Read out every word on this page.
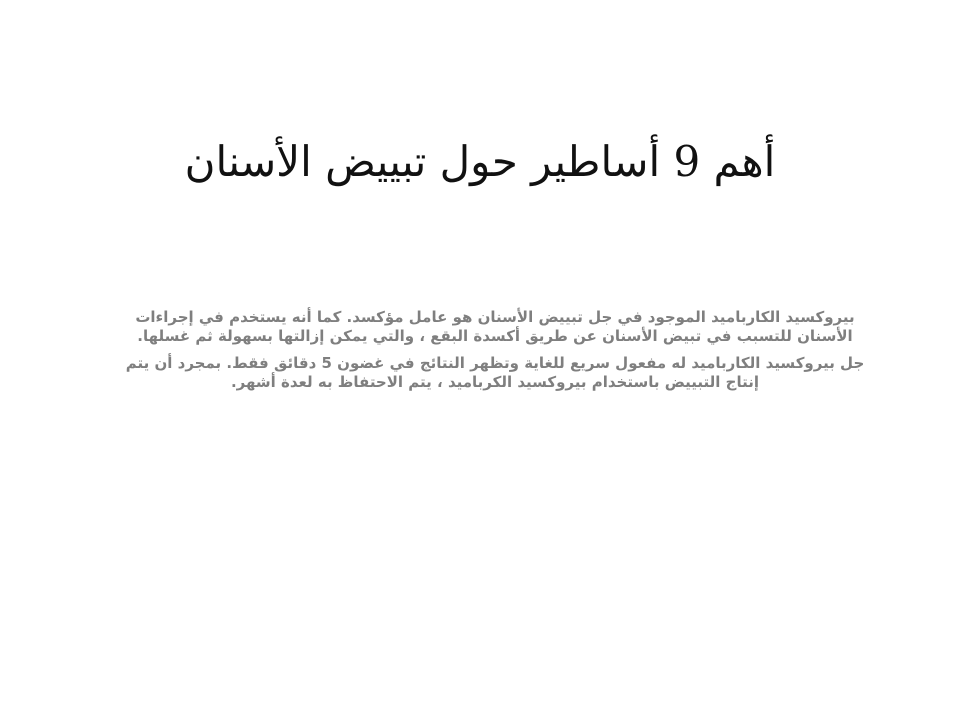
أهم 9 أساطير حول تبييض الأسنان

بيروكسيد الكارباميد الموجود في جل تبييض الأسنان هو عامل مؤكسد. كما أنه يستخدم في إجراءات الأسنان للتسبب في تبيض الأسنان عن طريق أكسدة البقع ، والتي يمكن إزالتها بسهولة ثم غسلها.

جل بيروكسيد الكارباميد له مفعول سريع للغاية وتظهر النتائج في غضون 5 دقائق فقط. بمجرد أن يتم إنتاج التبييض باستخدام بيروكسيد الكرباميد ، يتم الاحتفاظ به لعدة أشهر.
